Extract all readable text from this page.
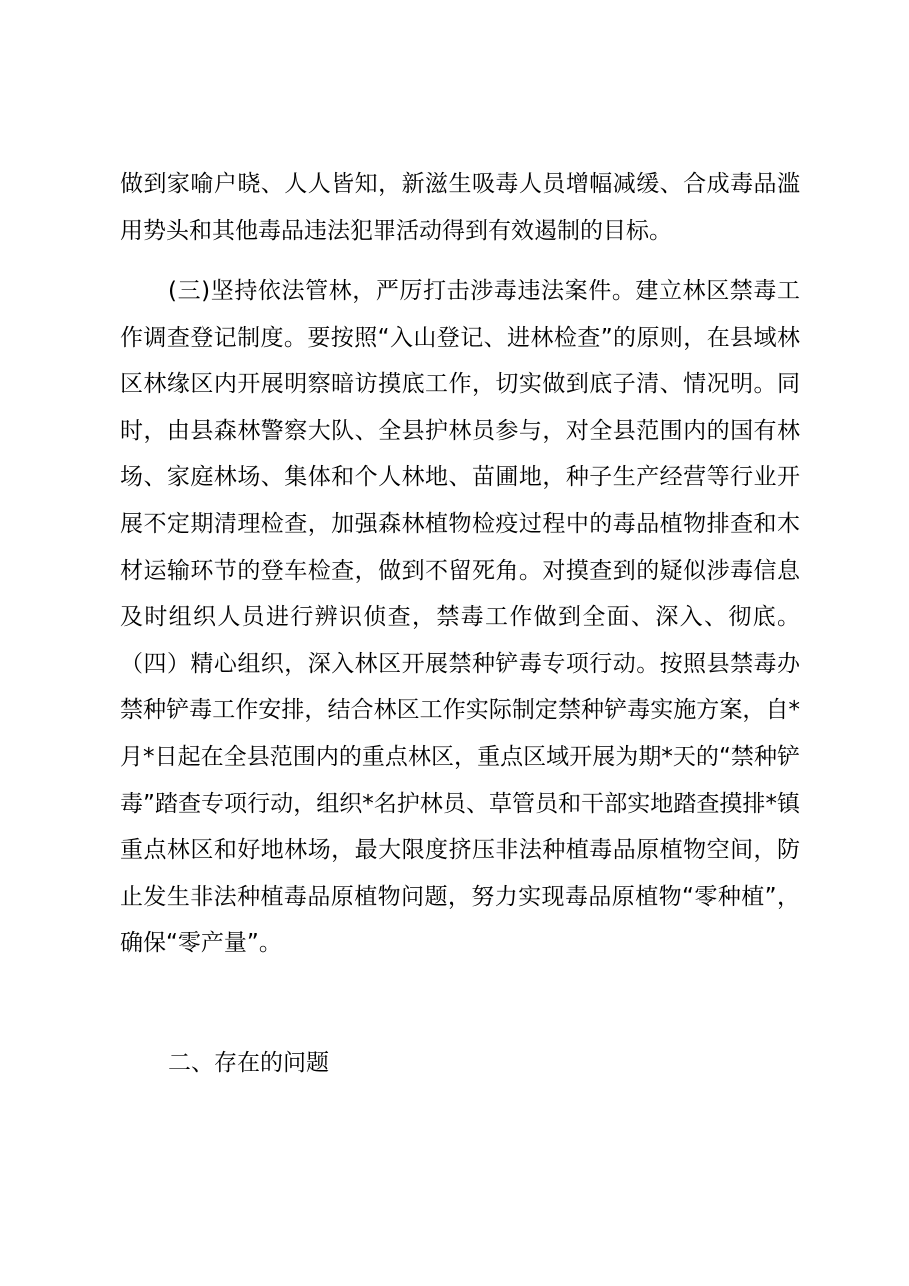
做到家喻户晓、人人皆知，新滋生吸毒人员增幅减缓、合成毒品滥用势头和其他毒品违法犯罪活动得到有效遏制的目标。

(三)坚持依法管林，严厉打击涉毒违法案件。建立林区禁毒工作调查登记制度。要按照“入山登记、进林检查”的原则，在县域林区林缘区内开展明察暗访摸底工作，切实做到底子清、情况明。同时，由县森林警察大队、全县护林员参与，对全县范围内的国有林场、家庭林场、集体和个人林地、苗圃地，种子生产经营等行业开展不定期清理检查，加强森林植物检疫过程中的毒品植物排查和木材运输环节的登车检查，做到不留死角。对摸查到的疑似涉毒信息及时组织人员进行辨识侦查，禁毒工作做到全面、深入、彻底。（四）精心组织，深入林区开展禁种铲毒专项行动。按照县禁毒办禁种铲毒工作安排，结合林区工作实际制定禁种铲毒实施方案，自*月*日起在全县范围内的重点林区，重点区域开展为期*天的“禁种铲毒”踏查专项行动，组织*名护林员、草管员和干部实地踏查摸排*镇重点林区和好地林场，最大限度挤压非法种植毒品原植物空间，防止发生非法种植毒品原植物问题，努力实现毒品原植物“零种植”，确保“零产量”。

二、存在的问题
